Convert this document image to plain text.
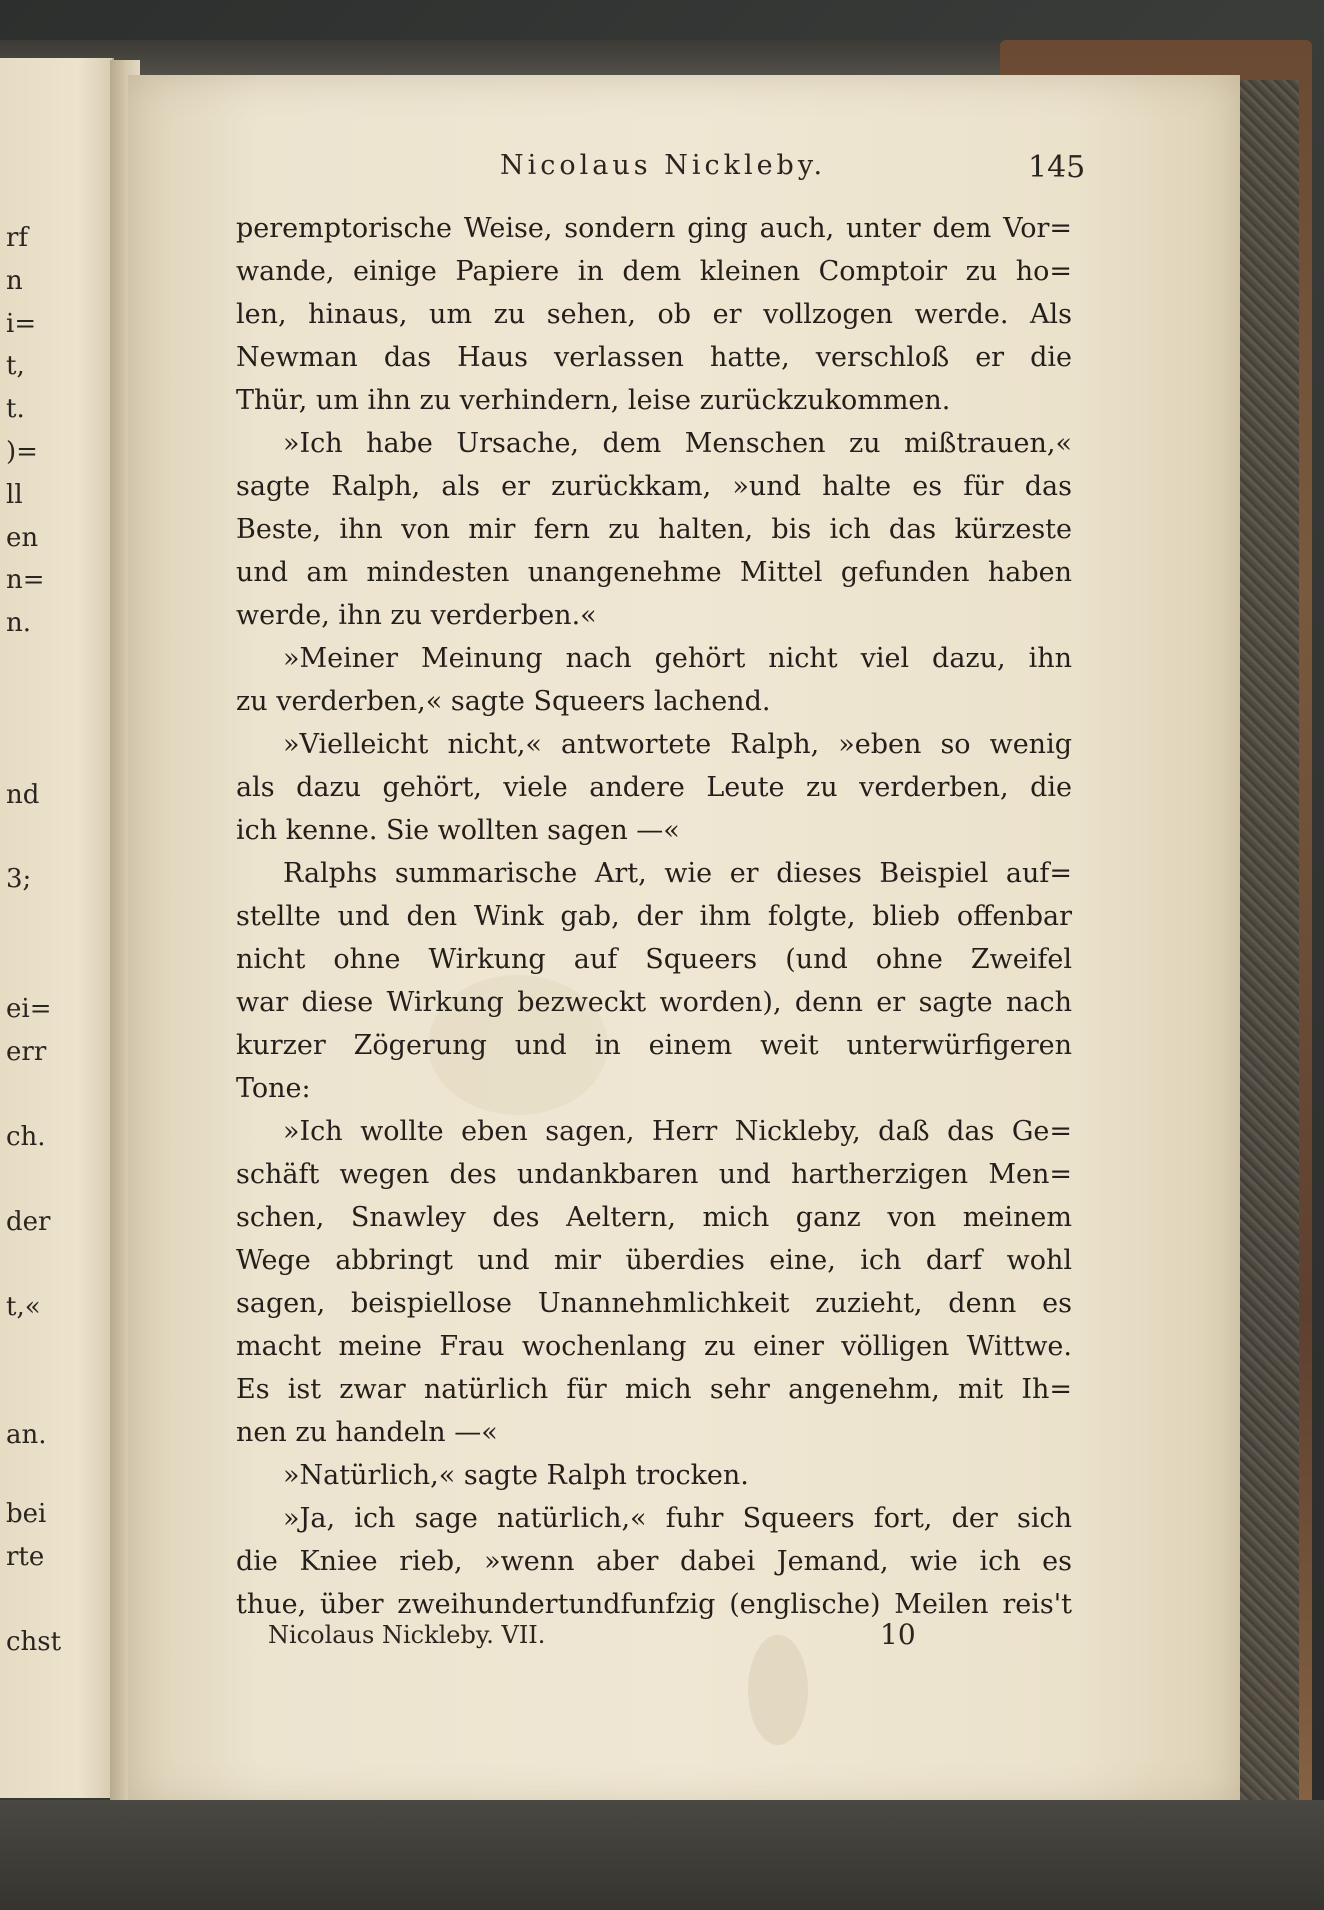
rf
n
i=
t,
t.
)=
ll
en
n=
n.
nd
3;
ei=
err
ch.
der
t,«
an.
bei
rte
chst
Nicolaus Nickleby.	145
peremptorische Weise, sondern ging auch, unter dem Vor=
wande, einige Papiere in dem kleinen Comptoir zu ho=
len, hinaus, um zu sehen, ob er vollzogen werde. Als
Newman das Haus verlassen hatte, verschloß er die
Thür, um ihn zu verhindern, leise zurückzukommen.
»Ich habe Ursache, dem Menschen zu mißtrauen,«
sagte Ralph, als er zurückkam, »und halte es für das
Beste, ihn von mir fern zu halten, bis ich das kürzeste
und am mindesten unangenehme Mittel gefunden haben
werde, ihn zu verderben.«
»Meiner Meinung nach gehört nicht viel dazu, ihn
zu verderben,« sagte Squeers lachend.
»Vielleicht nicht,« antwortete Ralph, »eben so wenig
als dazu gehört, viele andere Leute zu verderben, die
ich kenne. Sie wollten sagen —«
Ralphs summarische Art, wie er dieses Beispiel auf=
stellte und den Wink gab, der ihm folgte, blieb offenbar
nicht ohne Wirkung auf Squeers (und ohne Zweifel
war diese Wirkung bezweckt worden), denn er sagte nach
kurzer Zögerung und in einem weit unterwürfigeren
Tone:
»Ich wollte eben sagen, Herr Nickleby, daß das Ge=
schäft wegen des undankbaren und hartherzigen Men=
schen, Snawley des Aeltern, mich ganz von meinem
Wege abbringt und mir überdies eine, ich darf wohl
sagen, beispiellose Unannehmlichkeit zuzieht, denn es
macht meine Frau wochenlang zu einer völligen Wittwe.
Es ist zwar natürlich für mich sehr angenehm, mit Ih=
nen zu handeln —«
»Natürlich,« sagte Ralph trocken.
»Ja, ich sage natürlich,« fuhr Squeers fort, der sich
die Kniee rieb, »wenn aber dabei Jemand, wie ich es
thue, über zweihundertundfunfzig (englische) Meilen reis't
Nicolaus Nickleby. VII.	10
